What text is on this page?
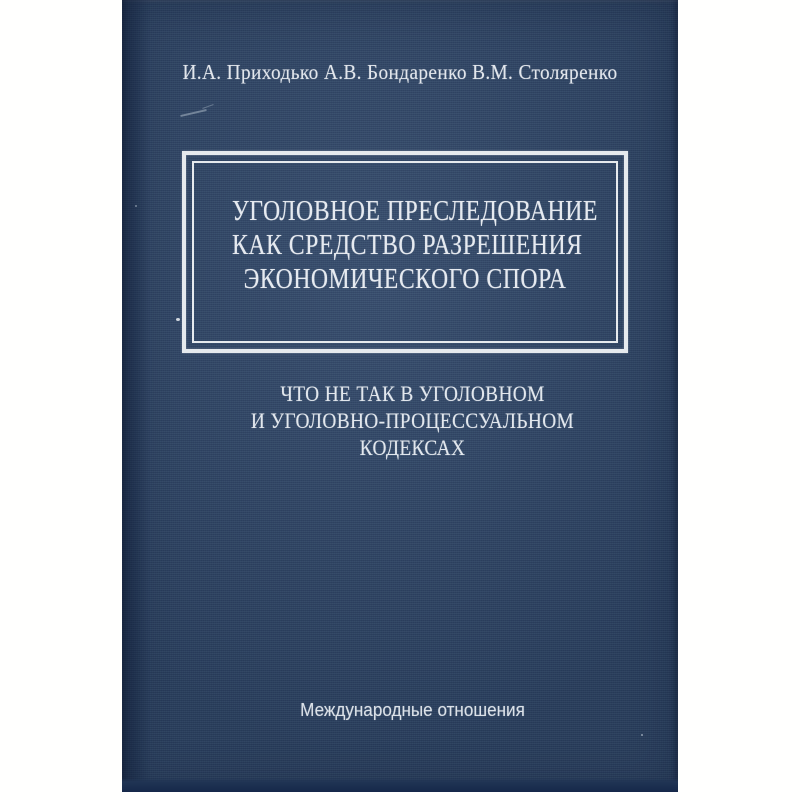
И.А. Приходько А.В. Бондаренко В.М. Столяренко
УГОЛОВНОЕ ПРЕСЛЕДОВАНИЕ
КАК СРЕДСТВО РАЗРЕШЕНИЯ
ЭКОНОМИЧЕСКОГО СПОРА
ЧТО НЕ ТАК В УГОЛОВНОМ
И УГОЛОВНО-ПРОЦЕССУАЛЬНОМ
КОДЕКСАХ
Международные отношения
